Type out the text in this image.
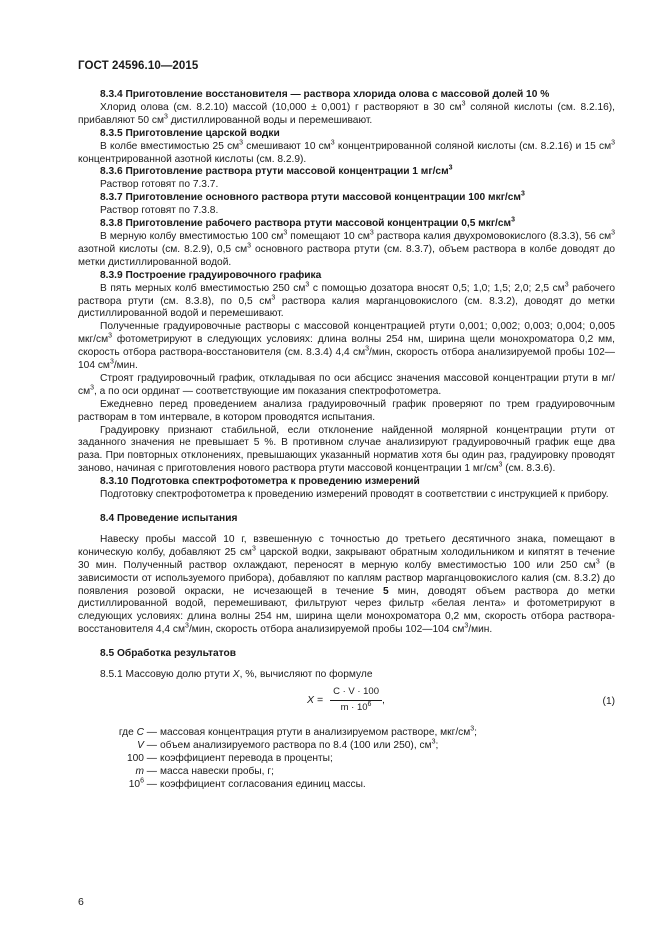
ГОСТ 24596.10—2015
8.3.4 Приготовление восстановителя — раствора хлорида олова с массовой долей 10 %

Хлорид олова (см. 8.2.10) массой (10,000 ± 0,001) г растворяют в 30 $см^3$ соляной кислоты (см. 8.2.16), прибавляют 50 $см^3$ дистиллированной воды и перемешивают.

8.3.5 Приготовление царской водки

В колбе вместимостью 25 $см^3$ смешивают 10 $см^3$ концентрированной соляной кислоты (см. 8.2.16) и 15 $см^3$ концентрированной азотной кислоты (см. 8.2.9).

8.3.6 Приготовление раствора ртути массовой концентрации 1 $мг/см^3$

Раствор готовят по 7.3.7.

8.3.7 Приготовление основного раствора ртути массовой концентрации 100 мкг/$см^3$

Раствор готовят по 7.3.8.

8.3.8 Приготовление рабочего раствора ртути массовой концентрации 0,5 мкг/$см^3$

В мерную колбу вместимостью 100 $см^3$ помещают 10 $см^3$ раствора калия двухромовокислого (8.3.3), 56 $см^3$ азотной кислоты (см. 8.2.9), 0,5 $см^3$ основного раствора ртути (см. 8.3.7), объем раствора в колбе доводят до метки дистиллированной водой.

8.3.9 Построение градуировочного графика

В пять мерных колб вместимостью 250 $см^3$ с помощью дозатора вносят 0,5; 1,0; 1,5; 2,0; 2,5 $см^3$ рабочего раствора ртути (см. 8.3.8), по 0,5 $см^3$ раствора калия марганцовокислого (см. 8.3.2), доводят до метки дистиллированной водой и перемешивают.

Полученные градуировочные растворы с массовой концентрацией ртути 0,001; 0,002; 0,003; 0,004; 0,005 мкг/$см^3$ фотометрируют в следующих условиях: длина волны 254 нм, ширина щели монохроматора 0,2 мм, скорость отбора раствора-восстановителя (см. 8.3.4) 4,4 $см^3$/мин, скорость отбора анализируемой пробы 102—104 $см^3$/мин.

Строят градуировочный график, откладывая по оси абсцисс значения массовой концентрации ртути в $мг/см^3$, а по оси ординат — соответствующие им показания спектрофотометра.

Ежедневно перед проведением анализа градуировочный график проверяют по трем градуировочным растворам в том интервале, в котором проводятся испытания.

Градуировку признают стабильной, если отклонение найденной молярной концентрации ртути от заданного значения не превышает 5 %. В противном случае анализируют градуировочный график еще два раза. При повторных отклонениях, превышающих указанный норматив хотя бы один раз, градуировку проводят заново, начиная с приготовления нового раствора ртути массовой концентрации 1 $мг/см^3$ (см. 8.3.6).

8.3.10 Подготовка спектрофотометра к проведению измерений

Подготовку спектрофотометра к проведению измерений проводят в соответствии с инструкцией к прибору.

8.4 Проведение испытания

Навеску пробы массой 10 г, взвешенную с точностью до третьего десятичного знака, помещают в коническую колбу, добавляют 25 $см^3$ царской водки, закрывают обратным холодильником и кипятят в течение 30 мин. Полученный раствор охлаждают, переносят в мерную колбу вместимостью 100 или 250 $см^3$ (в зависимости от используемого прибора), добавляют по каплям раствор марганцовокислого калия (см. 8.3.2) до появления розовой окраски, не исчезающей в течение 5 мин, доводят объем раствора до метки дистиллированной водой, перемешивают, фильтруют через фильтр «белая лента» и фотометрируют в следующих условиях: длина волны 254 нм, ширина щели монохроматора 0,2 мм, скорость отбора раствора-восстановителя 4,4 $см^3$/мин, скорость отбора анализируемой пробы 102—104 $см^3$/мин.

8.5 Обработка результатов

8.5.1 Массовую долю ртути X, %, вычисляют по формуле

$X = \frac{C \cdot V \cdot 100}{m \cdot 10^6}$ ,	(1)
где C — массовая концентрация ртути в анализируемом растворе, мкг/$см^3$;
V — объем анализируемого раствора по 8.4 (100 или 250), $см^3$;
100 — коэффициент перевода в проценты;
m — масса навески пробы, г;
$10^6$ — коэффициент согласования единиц массы.
6
